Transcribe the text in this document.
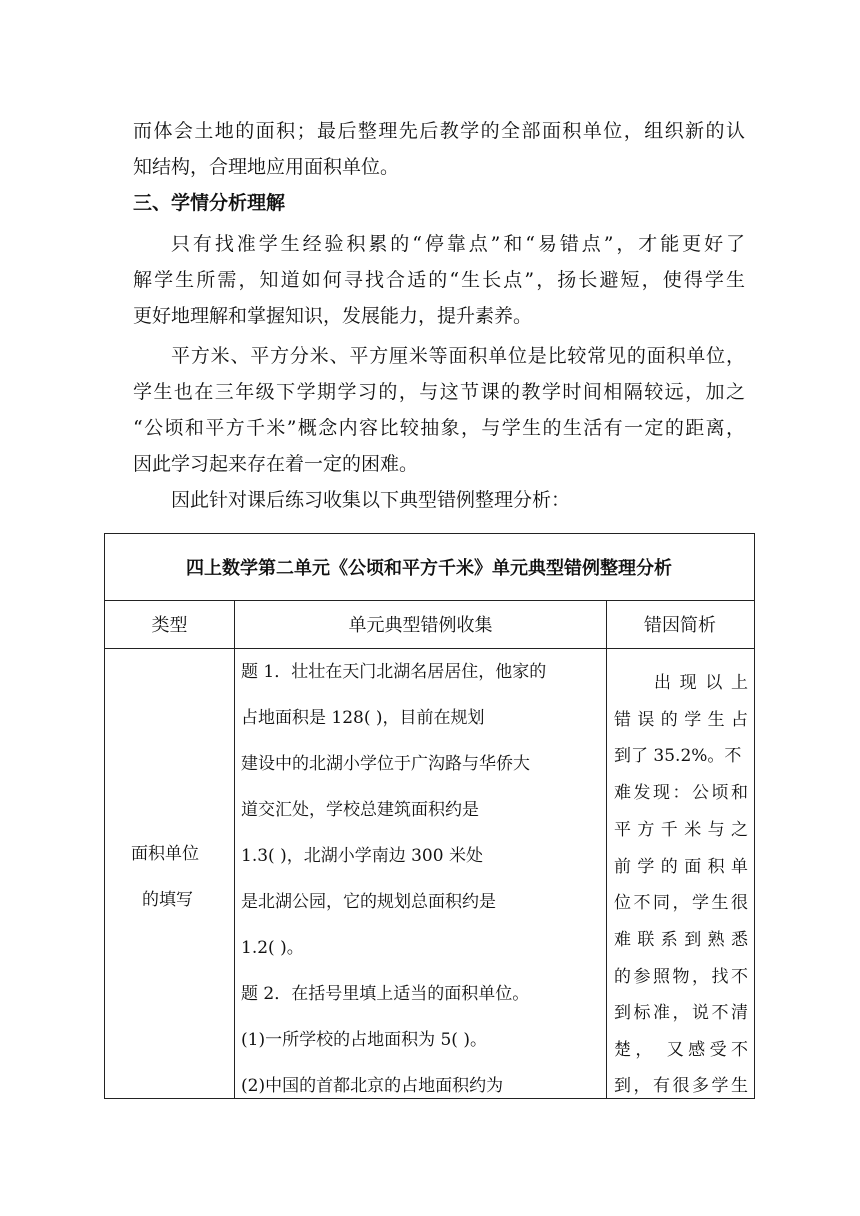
而体会土地的面积；最后整理先后教学的全部面积单位，组织新的认
知结构，合理地应用面积单位。
三、学情分析理解
只有找准学生经验积累的“停靠点”和“易错点”，才能更好了
解学生所需，知道如何寻找合适的“生长点”，扬长避短，使得学生
更好地理解和掌握知识，发展能力，提升素养。
平方米、平方分米、平方厘米等面积单位是比较常见的面积单位，
学生也在三年级下学期学习的，与这节课的教学时间相隔较远，加之
“公顷和平方千米”概念内容比较抽象，与学生的生活有一定的距离，
因此学习起来存在着一定的困难。
因此针对课后练习收集以下典型错例整理分析：
四上数学第二单元《公顷和平方千米》单元典型错例整理分析
类型	单元典型错例收集	错因简析
面积单位
的填写
题 1．壮壮在天门北湖名居居住，他家的
占地面积是 128( )，目前在规划
建设中的北湖小学位于广沟路与华侨大
道交汇处，学校总建筑面积约是
1.3( )，北湖小学南边 300 米处
是北湖公园，它的规划总面积约是
1.2( )。
题 2．在括号里填上适当的面积单位。
(1)一所学校的占地面积为 5( )。
(2)中国的首都北京的占地面积约为
出 现 以 上
错误的学生占
到了 35.2%。不
难发现：公顷和
平方千米与之
前学的面积单
位不同，学生很
难联系到熟悉
的参照物，找不
到标准，说不清
楚， 又感受不
到，有很多学生
